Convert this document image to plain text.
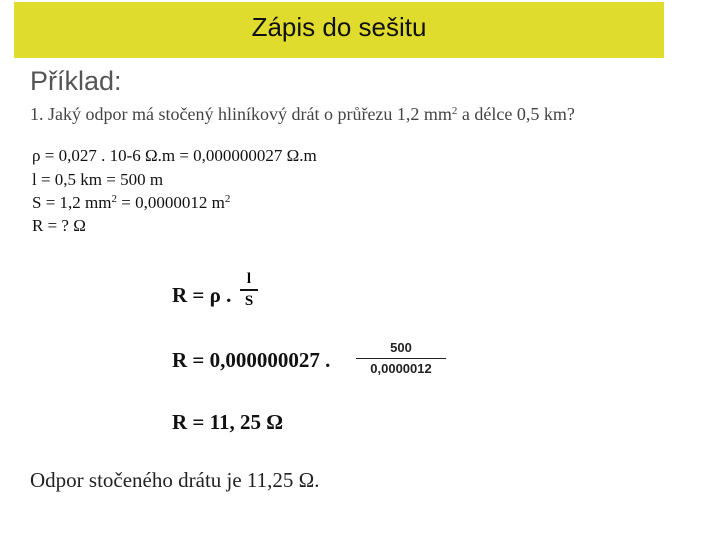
Zápis do sešitu
Příklad:
1. Jaký odpor má stočený hliníkový drát o průřezu 1,2 $mm^2$ a délce 0,5 km?
ρ = 0,027 . 10-6 Ω.m = 0,000000027 Ω.m
l = 0,5 km = 500 m
S = 1,2 $mm^2 = 0,0000012$ $m^2$
R = ? Ω
R = ρ .
l
S
R = 0,000000027 .
500
0,0000012
R = 11, 25 Ω
Odpor stočeného drátu je 11,25 Ω.
